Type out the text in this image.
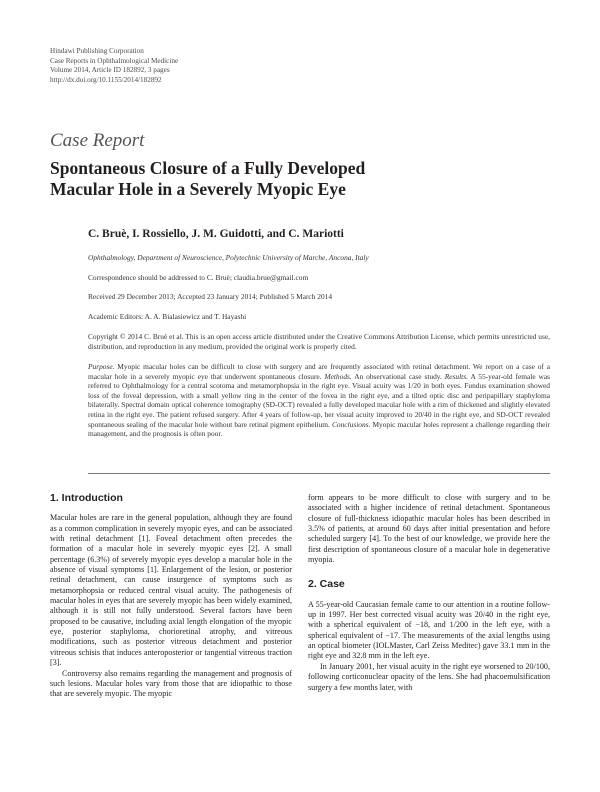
Hindawi Publishing Corporation
Case Reports in Ophthalmological Medicine
Volume 2014, Article ID 182892, 3 pages
http://dx.doi.org/10.1155/2014/182892
Case Report
Spontaneous Closure of a Fully Developed
Macular Hole in a Severely Myopic Eye
C. Bruè, I. Rossiello, J. M. Guidotti, and C. Mariotti
Ophthalmology, Department of Neuroscience, Polytechnic University of Marche, Ancona, Italy
Correspondence should be addressed to C. Bruè; claudia.brue@gmail.com
Received 29 December 2013; Accepted 23 January 2014; Published 5 March 2014
Academic Editors: A. A. Bialasiewicz and T. Hayashi
Copyright © 2014 C. Bruè et al. This is an open access article distributed under the Creative Commons Attribution License, which permits unrestricted use, distribution, and reproduction in any medium, provided the original work is properly cited.
Purpose. Myopic macular holes can be difficult to close with surgery and are frequently associated with retinal detachment. We report on a case of a macular hole in a severely myopic eye that underwent spontaneous closure. Methods. An observational case study. Results. A 55-year-old female was referred to Ophthalmology for a central scotoma and metamorphopsia in the right eye. Visual acuity was 1/20 in both eyes. Fundus examination showed loss of the foveal depression, with a small yellow ring in the center of the fovea in the right eye, and a tilted optic disc and peripapillary staphyloma bilaterally. Spectral domain optical coherence tomography (SD-OCT) revealed a fully developed macular hole with a rim of thickened and slightly elevated retina in the right eye. The patient refused surgery. After 4 years of follow-up, her visual acuity improved to 20/40 in the right eye, and SD-OCT revealed spontaneous sealing of the macular hole without bare retinal pigment epithelium. Conclusions. Myopic macular holes represent a challenge regarding their management, and the prognosis is often poor.
1. Introduction

Macular holes are rare in the general population, although they are found as a common complication in severely myopic eyes, and can be associated with retinal detachment [1]. Foveal detachment often precedes the formation of a macular hole in severely myopic eyes [2]. A small percentage (6.3%) of severely myopic eyes develop a macular hole in the absence of visual symptoms [1]. Enlargement of the lesion, or posterior retinal detachment, can cause insurgence of symptoms such as metamorphopsia or reduced central visual acuity. The pathogenesis of macular holes in eyes that are severely myopic has been widely examined, although it is still not fully understood. Several factors have been proposed to be causative, including axial length elongation of the myopic eye, posterior staphyloma, chorioretinal atrophy, and vitreous modifications, such as posterior vitreous detachment and posterior vitreous schisis that induces anteroposterior or tangential vitreous traction [3].

Controversy also remains regarding the management and prognosis of such lesions. Macular holes vary from those that are idiopathic to those that are severely myopic. The myopic

form appears to be more difficult to close with surgery and to be associated with a higher incidence of retinal detachment. Spontaneous closure of full-thickness idiopathic macular holes has been described in 3.5% of patients, at around 60 days after initial presentation and before scheduled surgery [4]. To the best of our knowledge, we provide here the first description of spontaneous closure of a macular hole in degenerative myopia.

2. Case

A 55-year-old Caucasian female came to our attention in a routine follow-up in 1997. Her best corrected visual acuity was 20/40 in the right eye, with a spherical equivalent of −18, and 1/200 in the left eye, with a spherical equivalent of −17. The measurements of the axial lengths using an optical biometer (IOLMaster, Carl Zeiss Meditec) gave 33.1 mm in the right eye and 32.8 mm in the left eye.

In January 2001, her visual acuity in the right eye worsened to 20/100, following corticonuclear opacity of the lens. She had phacoemulsification surgery a few months later, with
